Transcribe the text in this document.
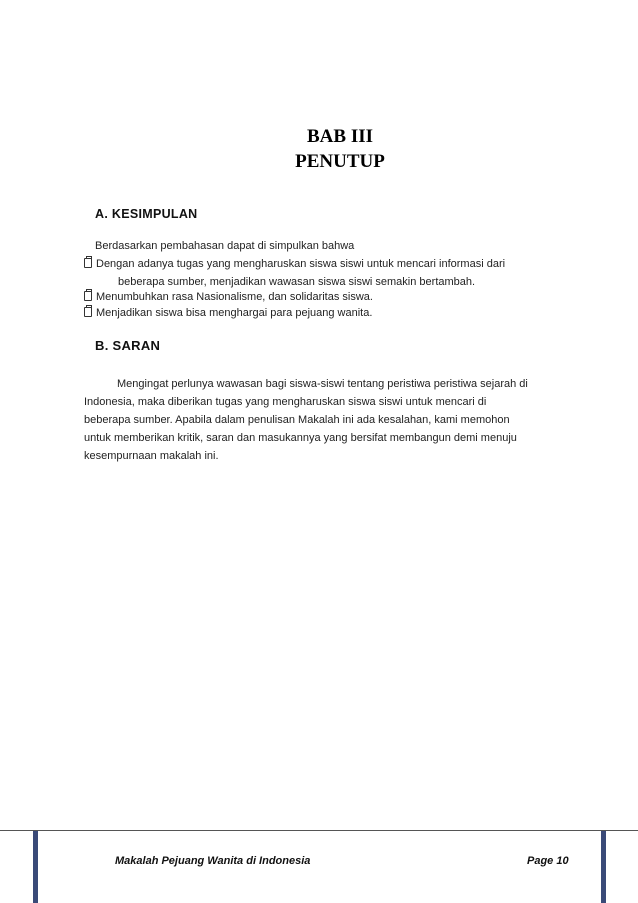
BAB III
PENUTUP
A. KESIMPULAN

Berdasarkan pembahasan dapat di simpulkan bahwa

Dengan adanya tugas yang mengharuskan siswa siswi untuk mencari informasi dari

beberapa sumber, menjadikan wawasan siswa siswi semakin bertambah.

Menumbuhkan rasa Nasionalisme, dan solidaritas siswa.

Menjadikan siswa bisa menghargai para pejuang wanita.

B. SARAN

Mengingat perlunya wawasan bagi siswa-siswi tentang peristiwa peristiwa sejarah di

Indonesia, maka diberikan tugas yang mengharuskan siswa siswi untuk mencari di

beberapa sumber. Apabila dalam penulisan Makalah ini ada kesalahan, kami memohon

untuk memberikan kritik, saran dan masukannya yang bersifat membangun demi menuju

kesempurnaan makalah ini.

Makalah Pejuang Wanita di Indonesia	Page 10
